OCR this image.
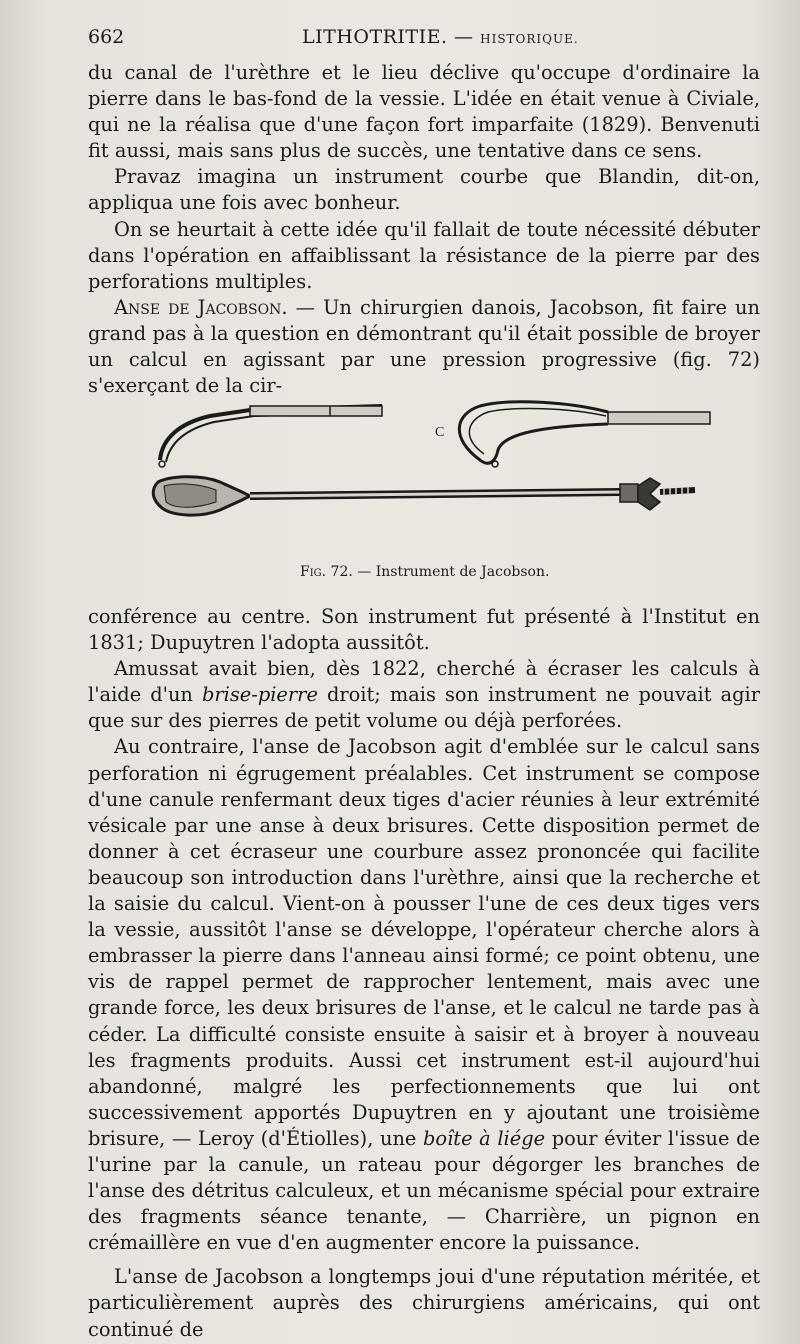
662	LITHOTRITIE. — HISTORIQUE.

du canal de l'urèthre et le lieu déclive qu'occupe d'ordinaire la pierre dans le bas-fond de la vessie. L'idée en était venue à Civiale, qui ne la réalisa que d'une façon fort imparfaite (1829). Benvenuti fit aussi, mais sans plus de succès, une tentative dans ce sens.

Pravaz imagina un instrument courbe que Blandin, dit-on, appliqua une fois avec bonheur.

On se heurtait à cette idée qu'il fallait de toute nécessité débuter dans l'opération en affaiblissant la résistance de la pierre par des perforations multiples.

Anse de Jacobson. — Un chirurgien danois, Jacobson, fit faire un grand pas à la question en démontrant qu'il était possible de broyer un calcul en agissant par une pression progressive (fig. 72) s'exerçant de la cir-

C
Fig. 72. — Instrument de Jacobson.

conférence au centre. Son instrument fut présenté à l'Institut en 1831; Dupuytren l'adopta aussitôt.

Amussat avait bien, dès 1822, cherché à écraser les calculs à l'aide d'un brise-pierre droit; mais son instrument ne pouvait agir que sur des pierres de petit volume ou déjà perforées.

Au contraire, l'anse de Jacobson agit d'emblée sur le calcul sans perforation ni égrugement préalables. Cet instrument se compose d'une canule renfermant deux tiges d'acier réunies à leur extrémité vésicale par une anse à deux brisures. Cette disposition permet de donner à cet écraseur une courbure assez prononcée qui facilite beaucoup son introduction dans l'urèthre, ainsi que la recherche et la saisie du calcul. Vient-on à pousser l'une de ces deux tiges vers la vessie, aussitôt l'anse se développe, l'opérateur cherche alors à embrasser la pierre dans l'anneau ainsi formé; ce point obtenu, une vis de rappel permet de rapprocher lentement, mais avec une grande force, les deux brisures de l'anse, et le calcul ne tarde pas à céder. La difficulté consiste ensuite à saisir et à broyer à nouveau les fragments produits. Aussi cet instrument est-il aujourd'hui abandonné, malgré les perfectionnements que lui ont successivement apportés Dupuytren en y ajoutant une troisième brisure, — Leroy (d'Étiolles), une boîte à liége pour éviter l'issue de l'urine par la canule, un rateau pour dégorger les branches de l'anse des détritus calculeux, et un mécanisme spécial pour extraire des fragments séance tenante, — Charrière, un pignon en crémaillère en vue d'en augmenter encore la puissance.

L'anse de Jacobson a longtemps joui d'une réputation méritée, et particulièrement auprès des chirurgiens américains, qui ont continué de
